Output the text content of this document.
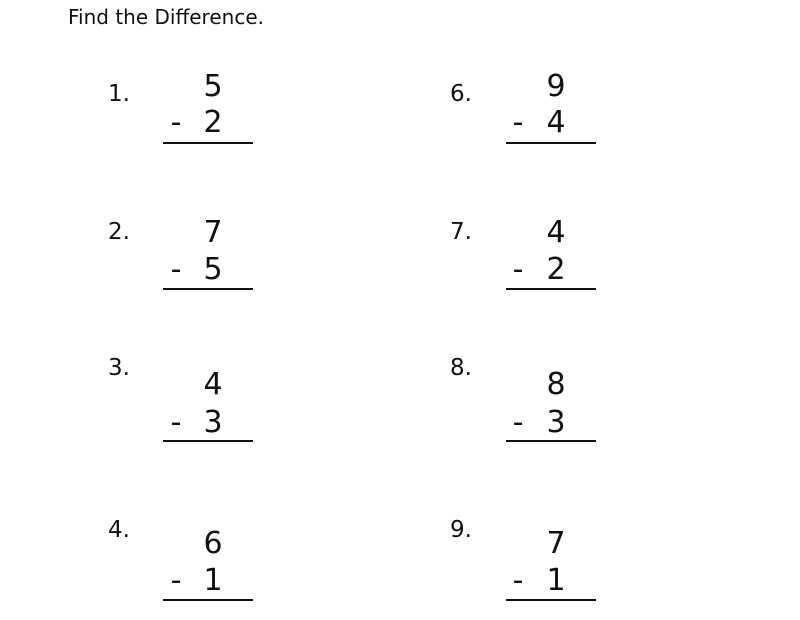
Find the Difference.
1. 5
- 2
2. 7
- 5
3. 4
- 3
4. 6
- 1
6. 9
- 4
7. 4
- 2
8. 8
- 3
9. 7
- 1
